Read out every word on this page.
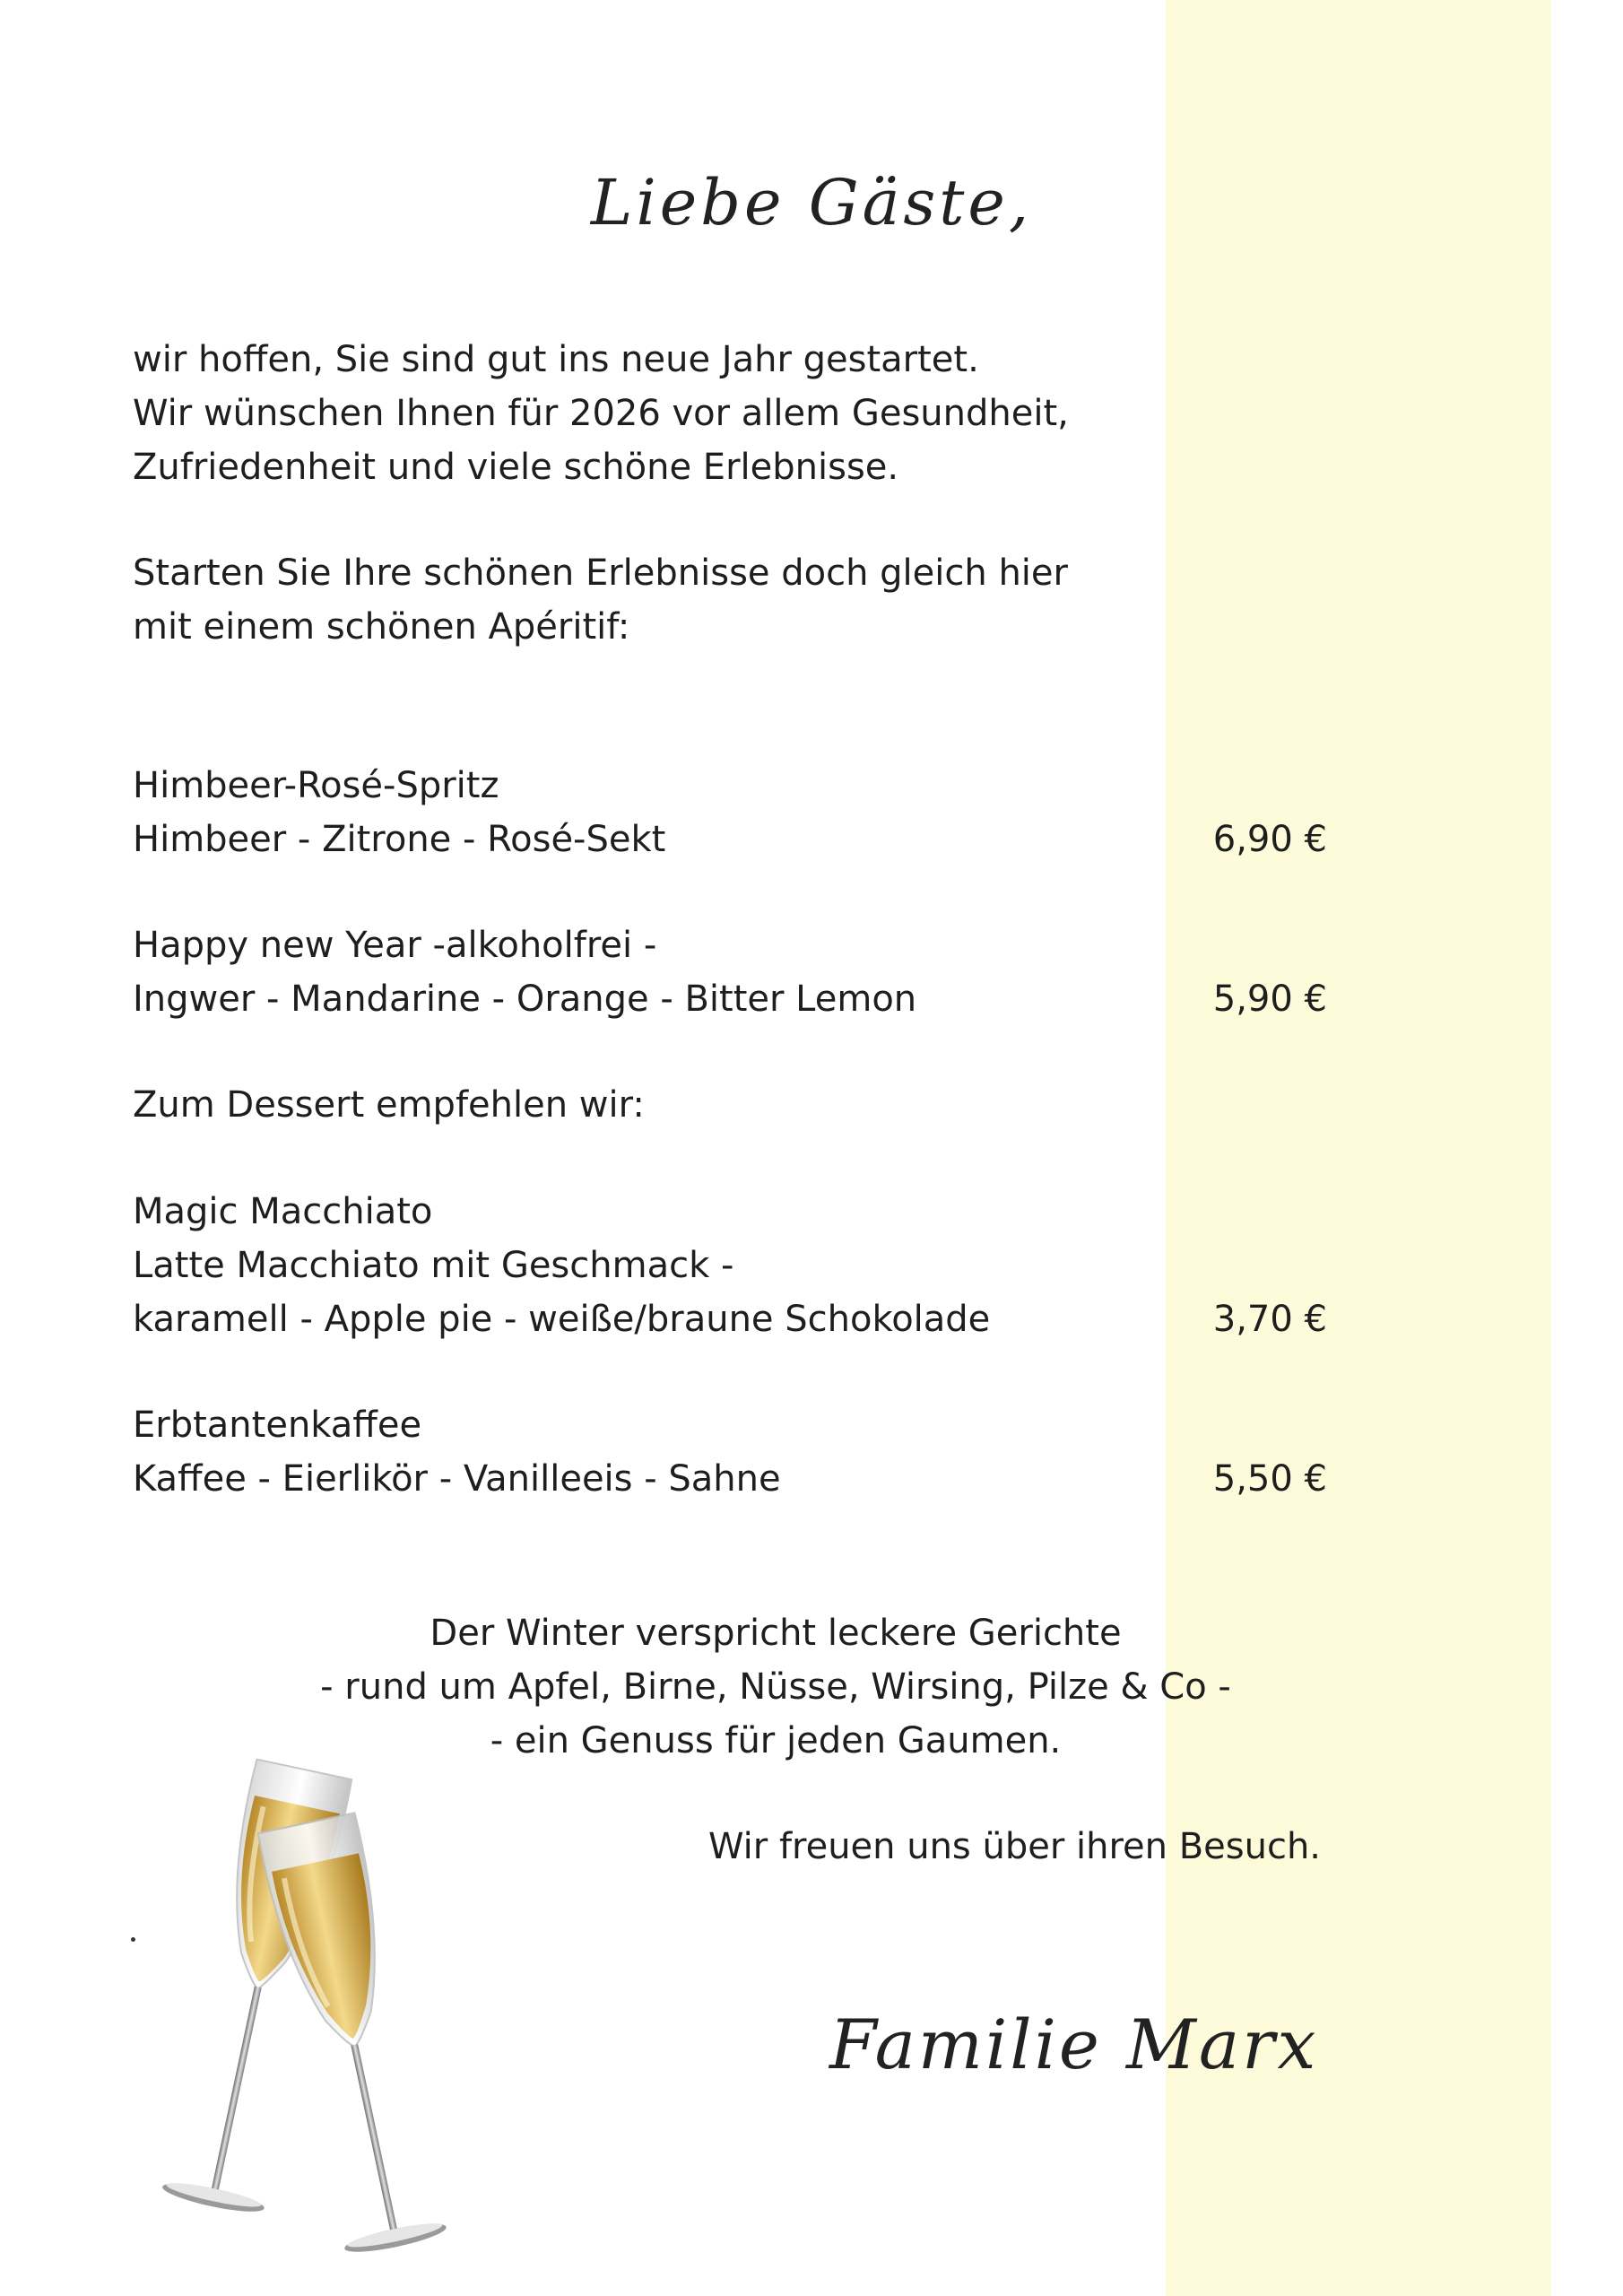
Liebe Gäste,
wir hoffen, Sie sind gut ins neue Jahr gestartet.
Wir wünschen Ihnen für 2026 vor allem Gesundheit,
Zufriedenheit und viele schöne Erlebnisse.
Starten Sie Ihre schönen Erlebnisse doch gleich hier
mit einem schönen Apéritif:
Himbeer-Rosé-Spritz
Himbeer - Zitrone - Rosé-Sekt	6,90 €
Happy new Year -alkoholfrei -
Ingwer - Mandarine - Orange - Bitter Lemon	5,90 €
Zum Dessert empfehlen wir:
Magic Macchiato
Latte Macchiato mit Geschmack -
karamell - Apple pie - weiße/braune Schokolade	3,70 €
Erbtantenkaffee
Kaffee - Eierlikör - Vanilleeis - Sahne	5,50 €
Der Winter verspricht leckere Gerichte
- rund um Apfel, Birne, Nüsse, Wirsing, Pilze & Co -
- ein Genuss für jeden Gaumen.
Wir freuen uns über ihren Besuch.
Familie Marx
